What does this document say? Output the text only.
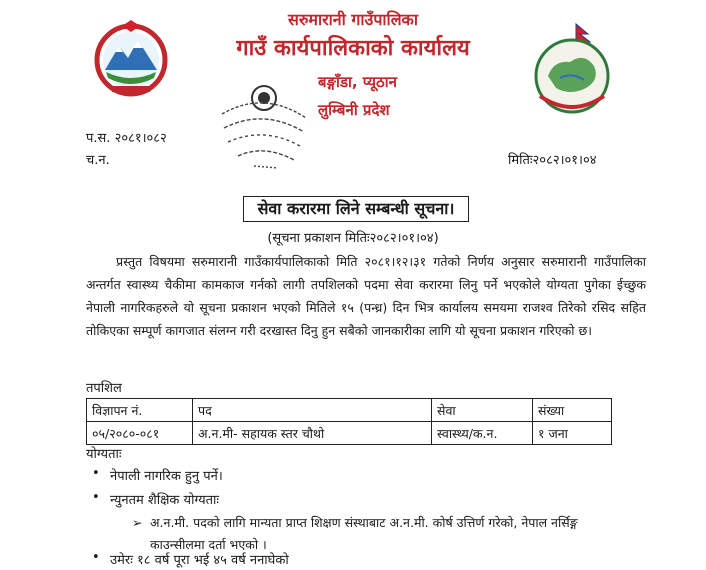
सरुमारानी गाउँपालिका
गाउँ कार्यपालिकाको कार्यालय
बङ्गाँडा, प्यूठान
लुम्बिनी प्रदेश
प.स. २०८१।०८२
च.न.	मितिः२०८२।०१।०४
सेवा करारमा लिने सम्बन्धी सूचना।
(सूचना प्रकाशन मितिः२०८२।०१।०४)
प्रस्तुत विषयमा सरुमारानी गाउँकार्यपालिकाको मिति २०८१।१२।३१ गतेको निर्णय अनुसार सरुमारानी गाउँपालिका अन्तर्गत स्वास्थ्य चैकीमा कामकाज गर्नको लागी तपशिलको पदमा सेवा करारमा लिनु पर्ने भएकोले योग्यता पुगेका ईच्छुक नेपाली नागरिकहरुले यो सूचना प्रकाशन भएको मितिले १५ (पन्ध्र) दिन भित्र कार्यालय समयमा राजश्व तिरेको रसिद सहित तोकिएका सम्पूर्ण कागजात संलग्न गरी दरखास्त दिनु हुन सबैको जानकारीका लागि यो सूचना प्रकाशन गरिएको छ।
तपशिल
विज्ञापन नं.	पद	सेवा	संख्या
०५/२०८०-०८१	अ.न.मी- सहायक स्तर चौथो	स्वास्थ्य/क.न.	१ जना
योग्यताः
• नेपाली नागरिक हुनु पर्ने।
• न्युनतम शैक्षिक योग्यताः
➢ अ.न.मी. पदको लागि मान्यता प्राप्त शिक्षण संस्थाबाट अ.न.मी. कोर्ष उत्तिर्ण गरेको, नेपाल नर्सिङ्ग काउन्सीलमा दर्ता भएको ।
• उमेरः १८ वर्ष पूरा भई ४५ वर्ष ननाघेको
